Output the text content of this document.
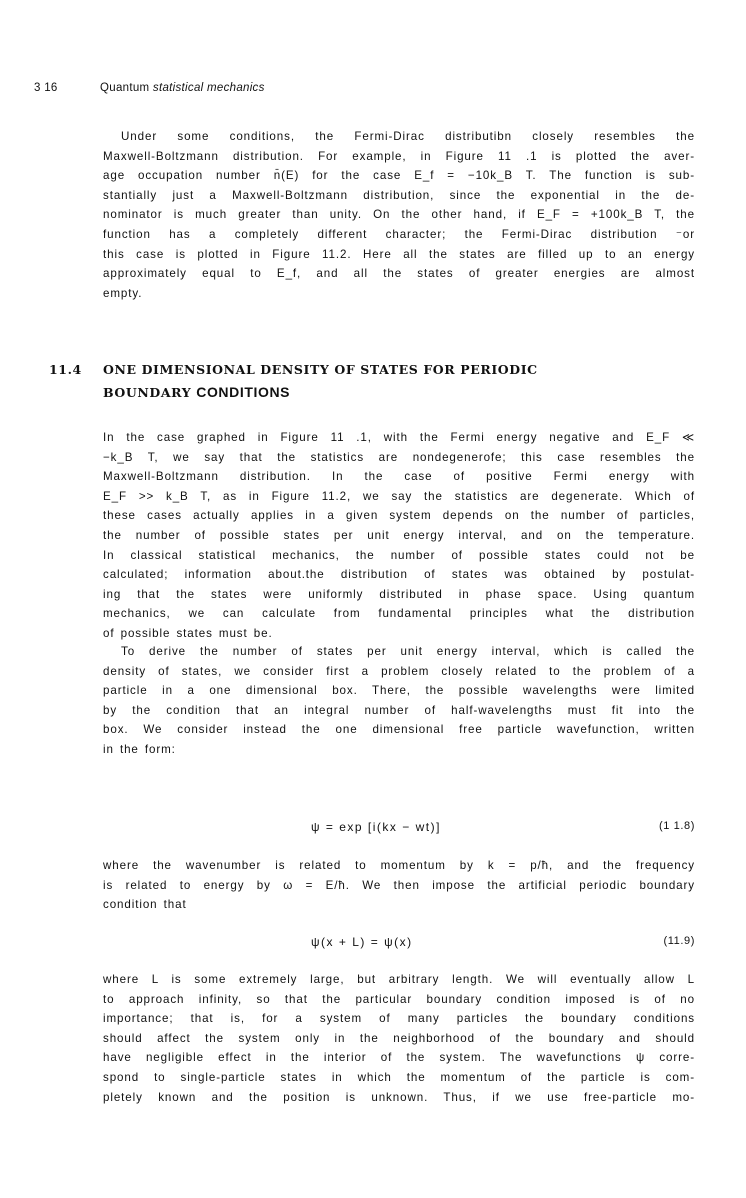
3 16	Quantum statistical mechanics
Under some conditions, the Fermi-Dirac distributibn closely resembles the
Maxwell-Boltzmann distribution. For example, in Figure 11 .1 is plotted the aver-
age occupation number n̄(E) for the case E_f = −10k_B T. The function is sub-
stantially just a Maxwell-Boltzmann distribution, since the exponential in the de-
nominator is much greater than unity. On the other hand, if E_F = +100k_B T, the
function has a completely different character; the Fermi-Dirac distribution ⁻or
this case is plotted in Figure 11.2. Here all the states are filled up to an energy
approximately equal to E_f, and all the states of greater energies are almost
empty.
11.4 ONE DIMENSIONAL DENSITY OF STATES FOR PERIODIC
BOUNDARY CONDITIONS
In the case graphed in Figure 11 .1, with the Fermi energy negative and E_F ≪
−k_B T, we say that the statistics are nondegenerofe; this case resembles the
Maxwell-Boltzmann distribution. In the case of positive Fermi energy with
E_F >> k_B T, as in Figure 11.2, we say the statistics are degenerate. Which of
these cases actually applies in a given system depends on the number of particles,
the number of possible states per unit energy interval, and on the temperature.
In classical statistical mechanics, the number of possible states could not be
calculated; information about.the distribution of states was obtained by postulat-
ing that the states were uniformly distributed in phase space. Using quantum
mechanics, we can calculate from fundamental principles what the distribution
of possible states must be.
To derive the number of states per unit energy interval, which is called the
density of states, we consider first a problem closely related to the problem of a
particle in a one dimensional box. There, the possible wavelengths were limited
by the condition that an integral number of half-wavelengths must fit into the
box. We consider instead the one dimensional free particle wavefunction, written
in the form:
ψ = exp [i(kx − wt)]	(1 1.8)
where the wavenumber is related to momentum by k = p/ħ, and the frequency
is related to energy by ω = E/ħ. We then impose the artificial periodic boundary
condition that
ψ(x + L) = ψ(x)	(11.9)
where L is some extremely large, but arbitrary length. We will eventually allow L
to approach infinity, so that the particular boundary condition imposed is of no
importance; that is, for a system of many particles the boundary conditions
should affect the system only in the neighborhood of the boundary and should
have negligible effect in the interior of the system. The wavefunctions ψ corre-
spond to single-particle states in which the momentum of the particle is com-
pletely known and the position is unknown. Thus, if we use free-particle mo-
